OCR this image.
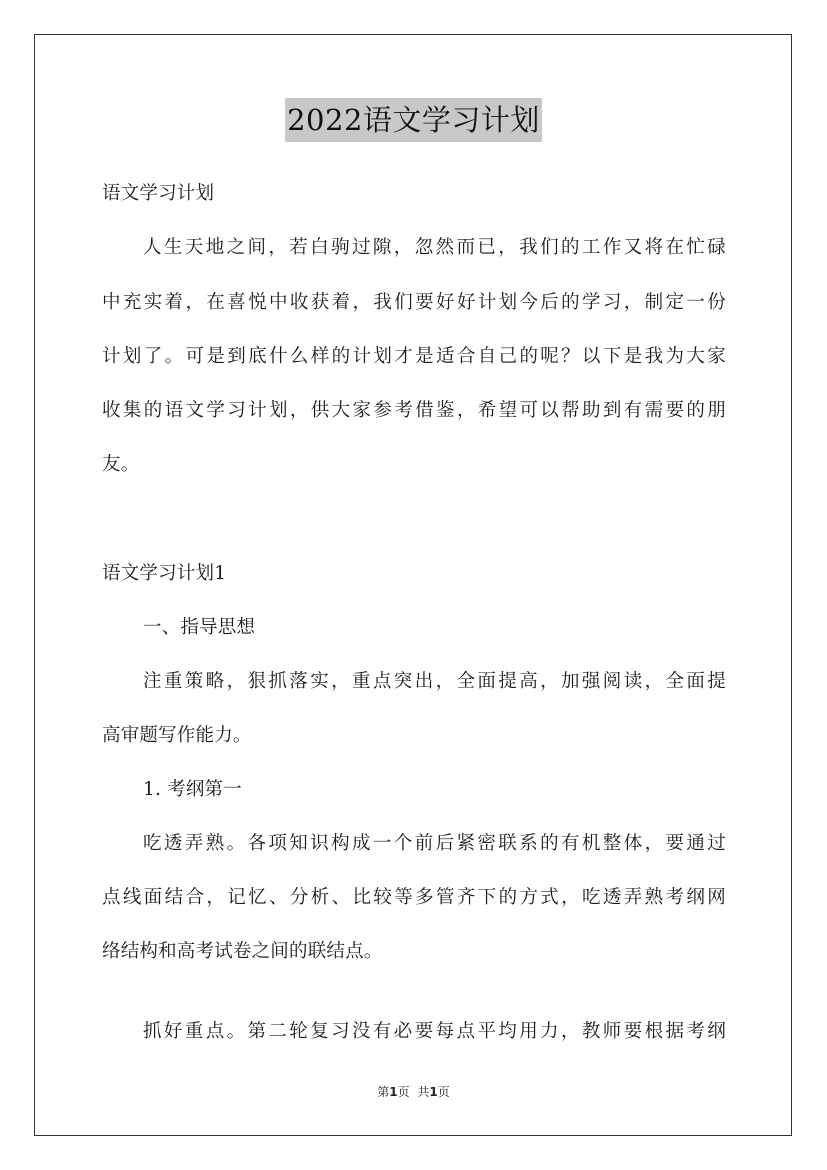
2022语文学习计划
语文学习计划
人生天地之间，若白驹过隙，忽然而已，我们的工作又将在忙碌
中充实着，在喜悦中收获着，我们要好好计划今后的学习，制定一份
计划了。可是到底什么样的计划才是适合自己的呢？以下是我为大家
收集的语文学习计划，供大家参考借鉴，希望可以帮助到有需要的朋
友。
语文学习计划1
一、指导思想
注重策略，狠抓落实，重点突出，全面提高，加强阅读，全面提
高审题写作能力。
1. 考纲第一
吃透弄熟。各项知识构成一个前后紧密联系的有机整体，要通过
点线面结合，记忆、分析、比较等多管齐下的方式，吃透弄熟考纲网
络结构和高考试卷之间的联结点。
抓好重点。第二轮复习没有必要每点平均用力，教师要根据考纲
第1页 共1页
